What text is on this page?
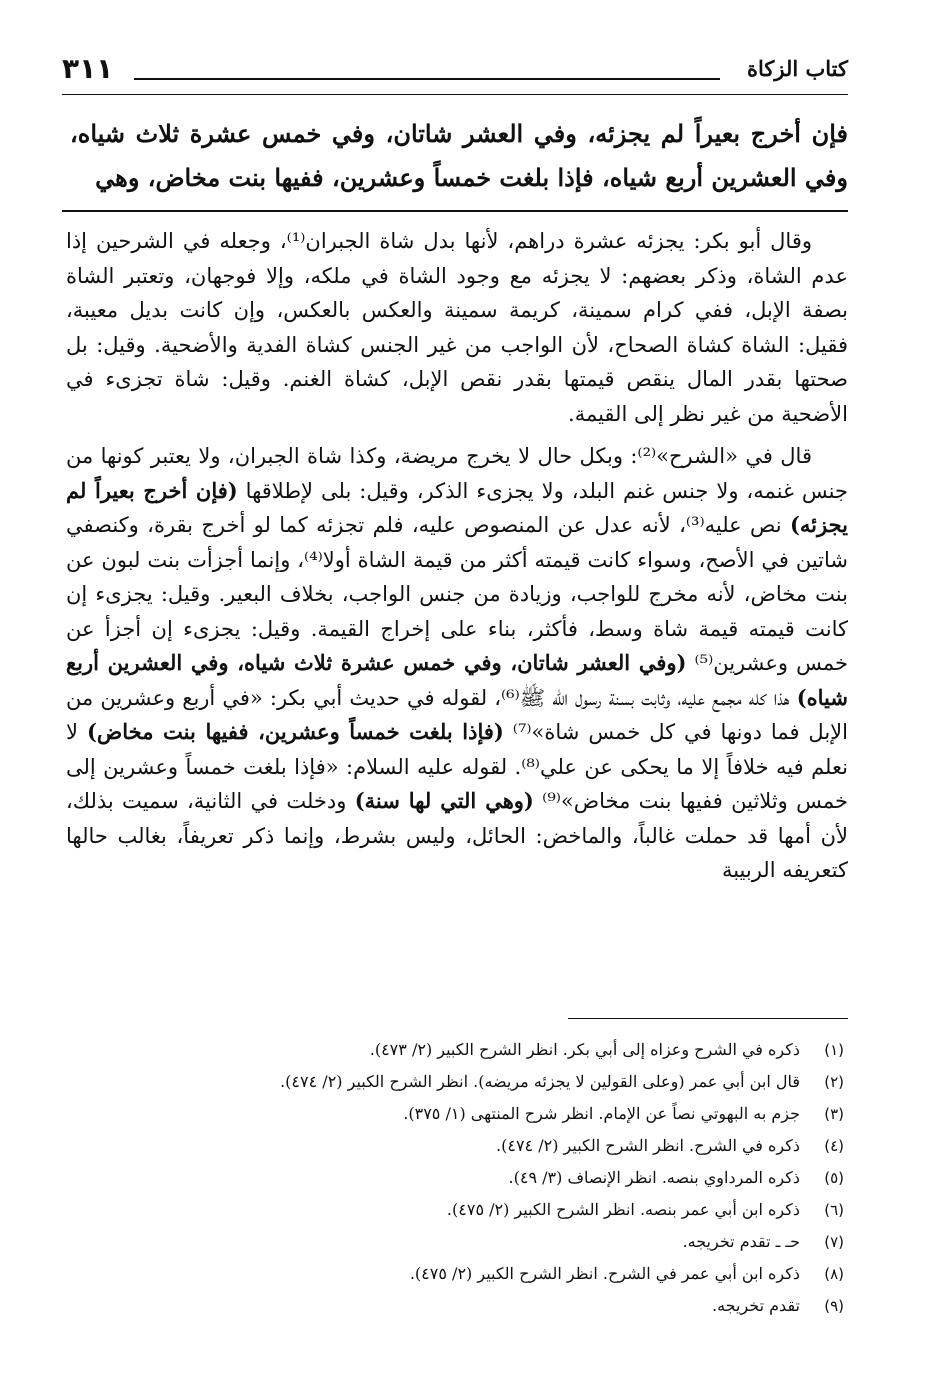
كتاب الزكاة
٣١١

فإن أخرج بعيراً لم يجزئه، وفي العشر شاتان، وفي خمس عشرة ثلاث شياه،

وفي العشرين أربع شياه، فإذا بلغت خمساً وعشرين، ففيها بنت مخاض، وهي

وقال أبو بكر: يجزئه عشرة دراهم، لأنها بدل شاة الجبران⁽¹⁾، وجعله في الشرحين إذا عدم الشاة، وذكر بعضهم: لا يجزئه مع وجود الشاة في ملكه، وإلا فوجهان، وتعتبر الشاة بصفة الإبل، ففي كرام سمينة، كريمة سمينة والعكس بالعكس، وإن كانت بديل معيبة، فقيل: الشاة كشاة الصحاح، لأن الواجب من غير الجنس كشاة الفدية والأضحية. وقيل: بل صحتها بقدر المال ينقص قيمتها بقدر نقص الإبل، كشاة الغنم. وقيل: شاة تجزىء في الأضحية من غير نظر إلى القيمة.

قال في «الشرح»⁽²⁾: وبكل حال لا يخرج مريضة، وكذا شاة الجبران، ولا يعتبر كونها من جنس غنمه، ولا جنس غنم البلد، ولا يجزىء الذكر، وقيل: بلى لإطلاقها (فإن أخرج بعيراً لم يجزئه) نص عليه⁽³⁾، لأنه عدل عن المنصوص عليه، فلم تجزئه كما لو أخرج بقرة، وكنصفي شاتين في الأصح، وسواء كانت قيمته أكثر من قيمة الشاة أولا⁽⁴⁾، وإنما أجزأت بنت لبون عن بنت مخاض، لأنه مخرج للواجب، وزيادة من جنس الواجب، بخلاف البعير. وقيل: يجزىء إن كانت قيمته قيمة شاة وسط، فأكثر، بناء على إخراج القيمة. وقيل: يجزىء إن أجزأ عن خمس وعشرين⁽⁵⁾ (وفي العشر شاتان، وفي خمس عشرة ثلاث شياه، وفي العشرين أربع شياه) هذا كله مجمع عليه، وثابت بسنة رسول الله ﷺ⁽⁶⁾، لقوله في حديث أبي بكر: «في أربع وعشرين من الإبل فما دونها في كل خمس شاة»⁽⁷⁾ (فإذا بلغت خمساً وعشرين، ففيها بنت مخاض) لا نعلم فيه خلافاً إلا ما يحكى عن علي⁽⁸⁾. لقوله عليه السلام: «فإذا بلغت خمساً وعشرين إلى خمس وثلاثين ففيها بنت مخاض»⁽⁹⁾ (وهي التي لها سنة) ودخلت في الثانية، سميت بذلك، لأن أمها قد حملت غالباً، والماخض: الحائل، وليس بشرط، وإنما ذكر تعريفاً، بغالب حالها كتعريفه الربيبة

(١)
ذكره في الشرح وعزاه إلى أبي بكر. انظر الشرح الكبير (٢/ ٤٧٣).
(٢)
قال ابن أبي عمر (وعلى القولين لا يجزئه مريضه). انظر الشرح الكبير (٢/ ٤٧٤).
(٣)
جزم به البهوتي نصاً عن الإمام. انظر شرح المنتهى (١/ ٣٧٥).
(٤)
ذكره في الشرح. انظر الشرح الكبير (٢/ ٤٧٤).
(٥)
ذكره المرداوي بنصه. انظر الإنصاف (٣/ ٤٩).
(٦)
ذكره ابن أبي عمر بنصه. انظر الشرح الكبير (٢/ ٤٧٥).
(٧)
حـ ـ تقدم تخريجه.
(٨)
ذكره ابن أبي عمر في الشرح. انظر الشرح الكبير (٢/ ٤٧٥).
(٩)
تقدم تخريجه.
